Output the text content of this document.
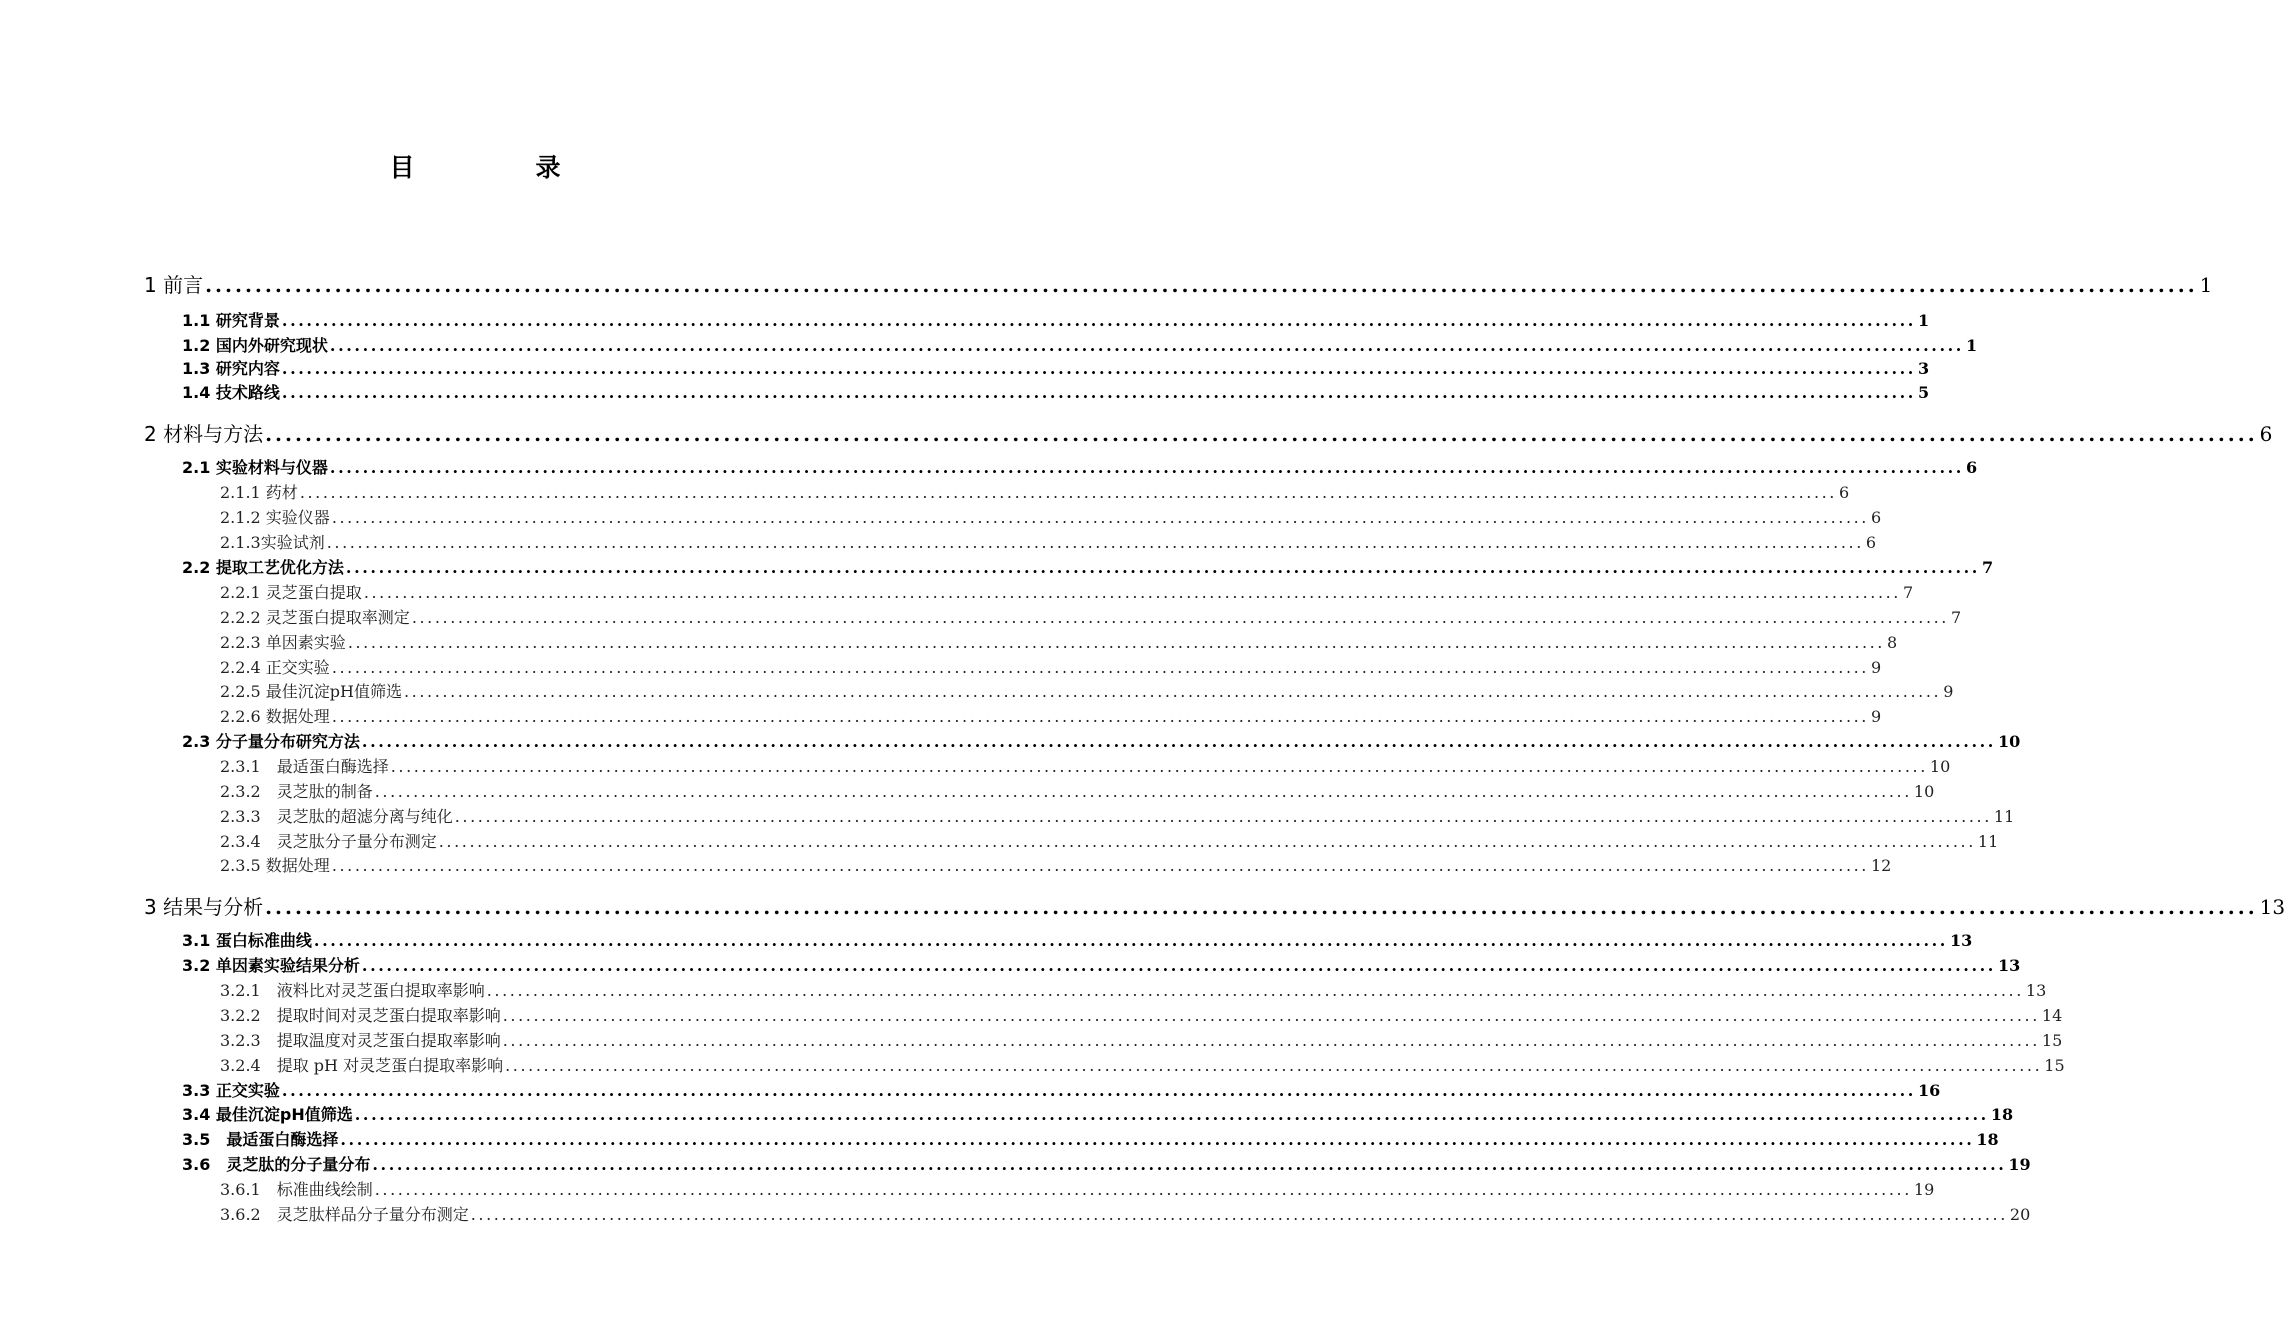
目　录
1 前言 ........................................................................................................................................................................................................ 1
1.1 研究背景 ........................................................................................................................................................................................................ 1
1.2 国内外研究现状 ........................................................................................................................................................................................................ 1
1.3 研究内容 ........................................................................................................................................................................................................ 3
1.4 技术路线 ........................................................................................................................................................................................................ 5
2 材料与方法 ........................................................................................................................................................................................................ 6
2.1 实验材料与仪器 ........................................................................................................................................................................................................ 6
2.1.1 药材 ........................................................................................................................................................................................................ 6
2.1.2 实验仪器 ........................................................................................................................................................................................................ 6
2.1.3实验试剂 ........................................................................................................................................................................................................ 6
2.2 提取工艺优化方法 ........................................................................................................................................................................................................ 7
2.2.1 灵芝蛋白提取 ........................................................................................................................................................................................................ 7
2.2.2 灵芝蛋白提取率测定 ........................................................................................................................................................................................................ 7
2.2.3 单因素实验 ........................................................................................................................................................................................................ 8
2.2.4 正交实验 ........................................................................................................................................................................................................ 9
2.2.5 最佳沉淀pH值筛选 ........................................................................................................................................................................................................ 9
2.2.6 数据处理 ........................................................................................................................................................................................................ 9
2.3 分子量分布研究方法 ........................................................................................................................................................................................................ 10
2.3.1　最适蛋白酶选择 ........................................................................................................................................................................................................ 10
2.3.2　灵芝肽的制备 ........................................................................................................................................................................................................ 10
2.3.3　灵芝肽的超滤分离与纯化 ........................................................................................................................................................................................................ 11
2.3.4　灵芝肽分子量分布测定 ........................................................................................................................................................................................................ 11
2.3.5 数据处理 ........................................................................................................................................................................................................ 12
3 结果与分析 ........................................................................................................................................................................................................ 13
3.1 蛋白标准曲线 ........................................................................................................................................................................................................ 13
3.2 单因素实验结果分析 ........................................................................................................................................................................................................ 13
3.2.1　液料比对灵芝蛋白提取率影响 ........................................................................................................................................................................................................ 13
3.2.2　提取时间对灵芝蛋白提取率影响 ........................................................................................................................................................................................................ 14
3.2.3　提取温度对灵芝蛋白提取率影响 ........................................................................................................................................................................................................ 15
3.2.4　提取 pH 对灵芝蛋白提取率影响 ........................................................................................................................................................................................................ 15
3.3 正交实验 ........................................................................................................................................................................................................ 16
3.4 最佳沉淀pH值筛选 ........................................................................................................................................................................................................ 18
3.5　最适蛋白酶选择 ........................................................................................................................................................................................................ 18
3.6　灵芝肽的分子量分布 ........................................................................................................................................................................................................ 19
3.6.1　标准曲线绘制 ........................................................................................................................................................................................................ 19
3.6.2　灵芝肽样品分子量分布测定 ........................................................................................................................................................................................................ 20
